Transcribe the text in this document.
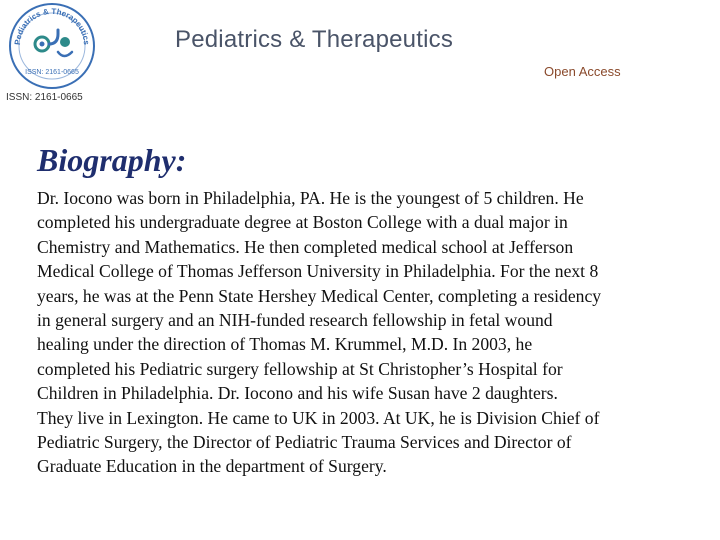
Pediatrics & Therapeutics
ISSN: 2161-0665
Pediatrics & Therapeutics
Open Access
ISSN: 2161-0665
Biography:
Dr. Iocono was born in Philadelphia, PA. He is the youngest of 5 children. He
completed his undergraduate degree at Boston College with a dual major in
Chemistry and Mathematics. He then completed medical school at Jefferson
Medical College of Thomas Jefferson University in Philadelphia. For the next 8
years, he was at the Penn State Hershey Medical Center, completing a residency
in general surgery and an NIH-funded research fellowship in fetal wound
healing under the direction of Thomas M. Krummel, M.D. In 2003, he
completed his Pediatric surgery fellowship at St Christopher’s Hospital for
Children in Philadelphia. Dr. Iocono and his wife Susan have 2 daughters.
They live in Lexington. He came to UK in 2003. At UK, he is Division Chief of
Pediatric Surgery, the Director of Pediatric Trauma Services and Director of
Graduate Education in the department of Surgery.
